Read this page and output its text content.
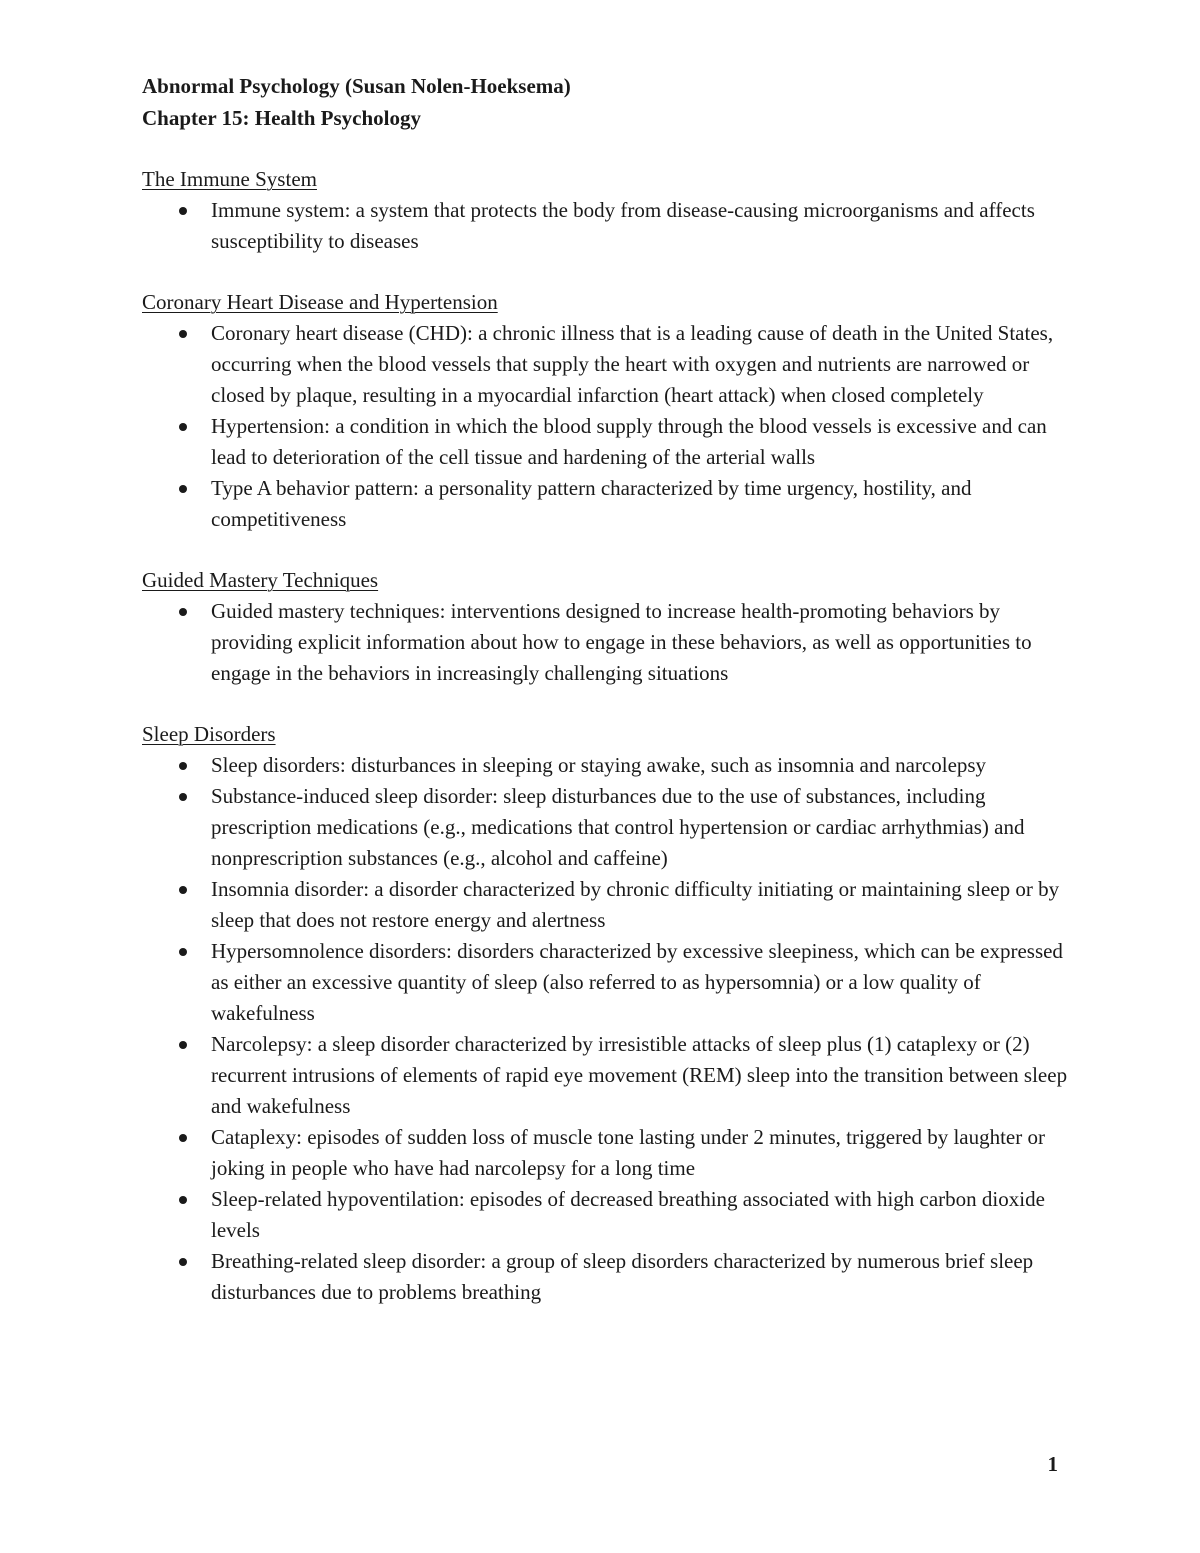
Abnormal Psychology (Susan Nolen-Hoeksema)

Chapter 15: Health Psychology

The Immune System

Immune system: a system that protects the body from disease-causing microorganisms and affects susceptibility to diseases

Coronary Heart Disease and Hypertension

Coronary heart disease (CHD): a chronic illness that is a leading cause of death in the United States, occurring when the blood vessels that supply the heart with oxygen and nutrients are narrowed or closed by plaque, resulting in a myocardial infarction (heart attack) when closed completely
Hypertension: a condition in which the blood supply through the blood vessels is excessive and can lead to deterioration of the cell tissue and hardening of the arterial walls
Type A behavior pattern: a personality pattern characterized by time urgency, hostility, and competitiveness

Guided Mastery Techniques

Guided mastery techniques: interventions designed to increase health-promoting behaviors by providing explicit information about how to engage in these behaviors, as well as opportunities to engage in the behaviors in increasingly challenging situations

Sleep Disorders

Sleep disorders: disturbances in sleeping or staying awake, such as insomnia and narcolepsy
Substance-induced sleep disorder: sleep disturbances due to the use of substances, including prescription medications (e.g., medications that control hypertension or cardiac arrhythmias) and nonprescription substances (e.g., alcohol and caffeine)
Insomnia disorder: a disorder characterized by chronic difficulty initiating or maintaining sleep or by sleep that does not restore energy and alertness
Hypersomnolence disorders: disorders characterized by excessive sleepiness, which can be expressed as either an excessive quantity of sleep (also referred to as hypersomnia) or a low quality of wakefulness
Narcolepsy: a sleep disorder characterized by irresistible attacks of sleep plus (1) cataplexy or (2) recurrent intrusions of elements of rapid eye movement (REM) sleep into the transition between sleep and wakefulness
Cataplexy: episodes of sudden loss of muscle tone lasting under 2 minutes, triggered by laughter or joking in people who have had narcolepsy for a long time
Sleep-related hypoventilation: episodes of decreased breathing associated with high carbon dioxide levels
Breathing-related sleep disorder: a group of sleep disorders characterized by numerous brief sleep disturbances due to problems breathing
1
